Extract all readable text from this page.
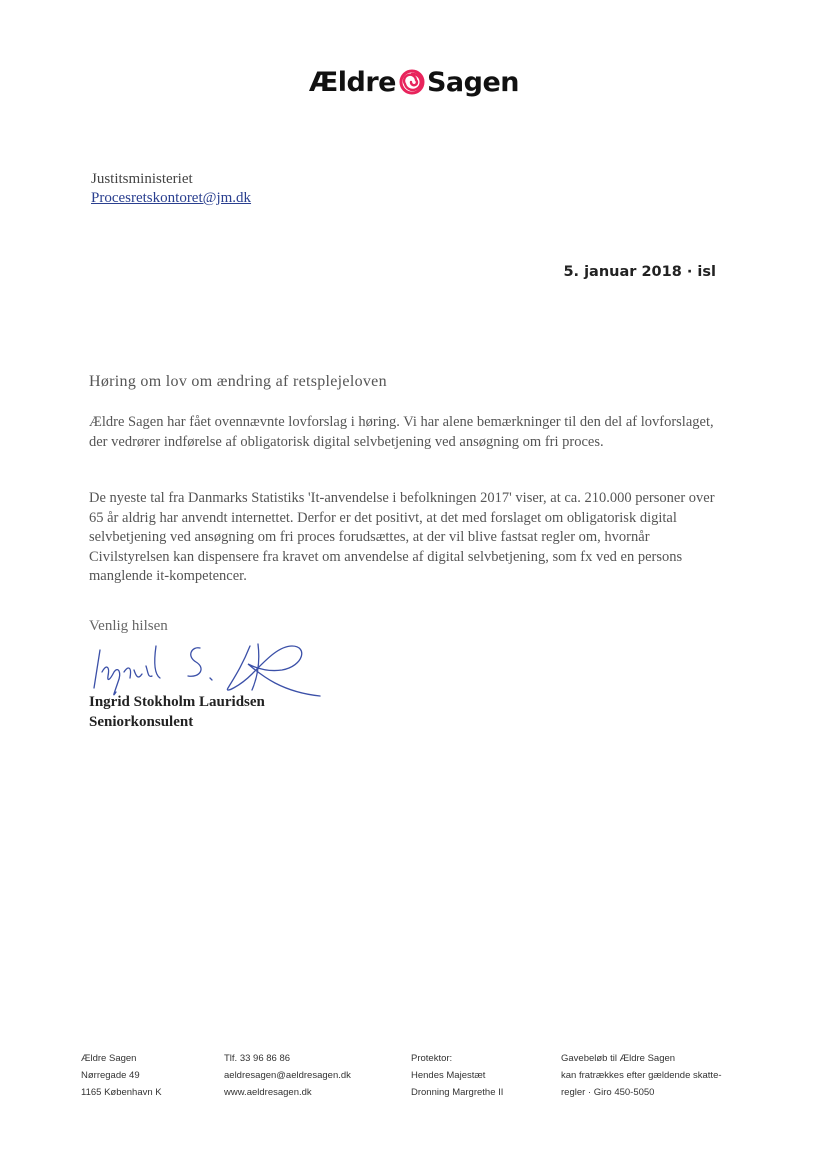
Ældre Sagen
Justitsministeriet
Procesretskontoret@jm.dk
5. januar 2018 · isl
Høring om lov om ændring af retsplejeloven
Ældre Sagen har fået ovennævnte lovforslag i høring. Vi har alene bemærkninger til den del af lovforslaget, der vedrører indførelse af obligatorisk digital selvbetjening ved ansøgning om fri proces.
De nyeste tal fra Danmarks Statistiks 'It-anvendelse i befolkningen 2017' viser, at ca. 210.000 personer over 65 år aldrig har anvendt internettet. Derfor er det positivt, at det med forslaget om obligatorisk digital selvbetjening ved ansøgning om fri proces forudsættes, at der vil blive fastsat regler om, hvornår Civilstyrelsen kan dispensere fra kravet om anvendelse af digital selvbetjening, som fx ved en persons manglende it-kompetencer.
Venlig hilsen
Ingrid Stokholm Lauridsen
Seniorkonsulent
Ældre Sagen
Nørregade 49
1165 København K
Tlf. 33 96 86 86
aeldresagen@aeldresagen.dk
www.aeldresagen.dk
Protektor:
Hendes Majestæt
Dronning Margrethe II
Gavebeløb til Ældre Sagen
kan fratrækkes efter gældende skatte-
regler · Giro 450-5050
